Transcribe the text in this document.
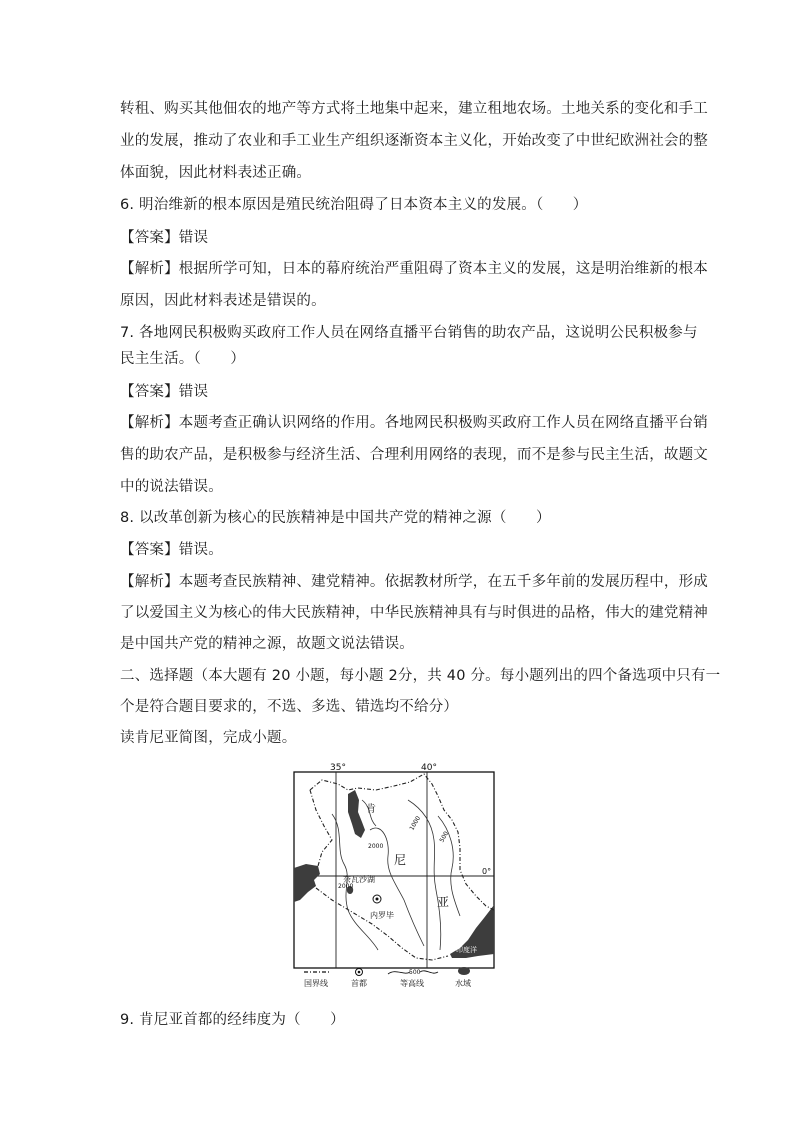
转租、购买其他佃农的地产等方式将土地集中起来，建立租地农场。土地关系的变化和手工
业的发展，推动了农业和手工业生产组织逐渐资本主义化，开始改变了中世纪欧洲社会的整
体面貌，因此材料表述正确。
6. 明治维新的根本原因是殖民统治阻碍了日本资本主义的发展。（　　）
【答案】错误
【解析】根据所学可知，日本的幕府统治严重阻碍了资本主义的发展，这是明治维新的根本
原因，因此材料表述是错误的。
7. 各地网民积极购买政府工作人员在网络直播平台销售的助农产品，这说明公民积极参与
民主生活。（　　）
【答案】错误
【解析】本题考查正确认识网络的作用。各地网民积极购买政府工作人员在网络直播平台销
售的助农产品，是积极参与经济生活、合理利用网络的表现，而不是参与民主生活，故题文
中的说法错误。
8. 以改革创新为核心的民族精神是中国共产党的精神之源（　　）
【答案】错误。
【解析】本题考查民族精神、建党精神。依据教材所学，在五千多年前的发展历程中，形成
了以爱国主义为核心的伟大民族精神，中华民族精神具有与时俱进的品格，伟大的建党精神
是中国共产党的精神之源，故题文说法错误。
二、选择题（本大题有 20 小题，每小题 2分，共 40 分。每小题列出的四个备选项中只有一
个是符合题目要求的，不选、多选、错选均不给分）
读肯尼亚简图，完成小题。
35°	40°
0°
2000
2000
1000
500
肯
尼
亚
奈瓦沙湖
内罗毕
印度洋
国界线	首都
500
等高线	水域
9. 肯尼亚首都的经纬度为（　　）
